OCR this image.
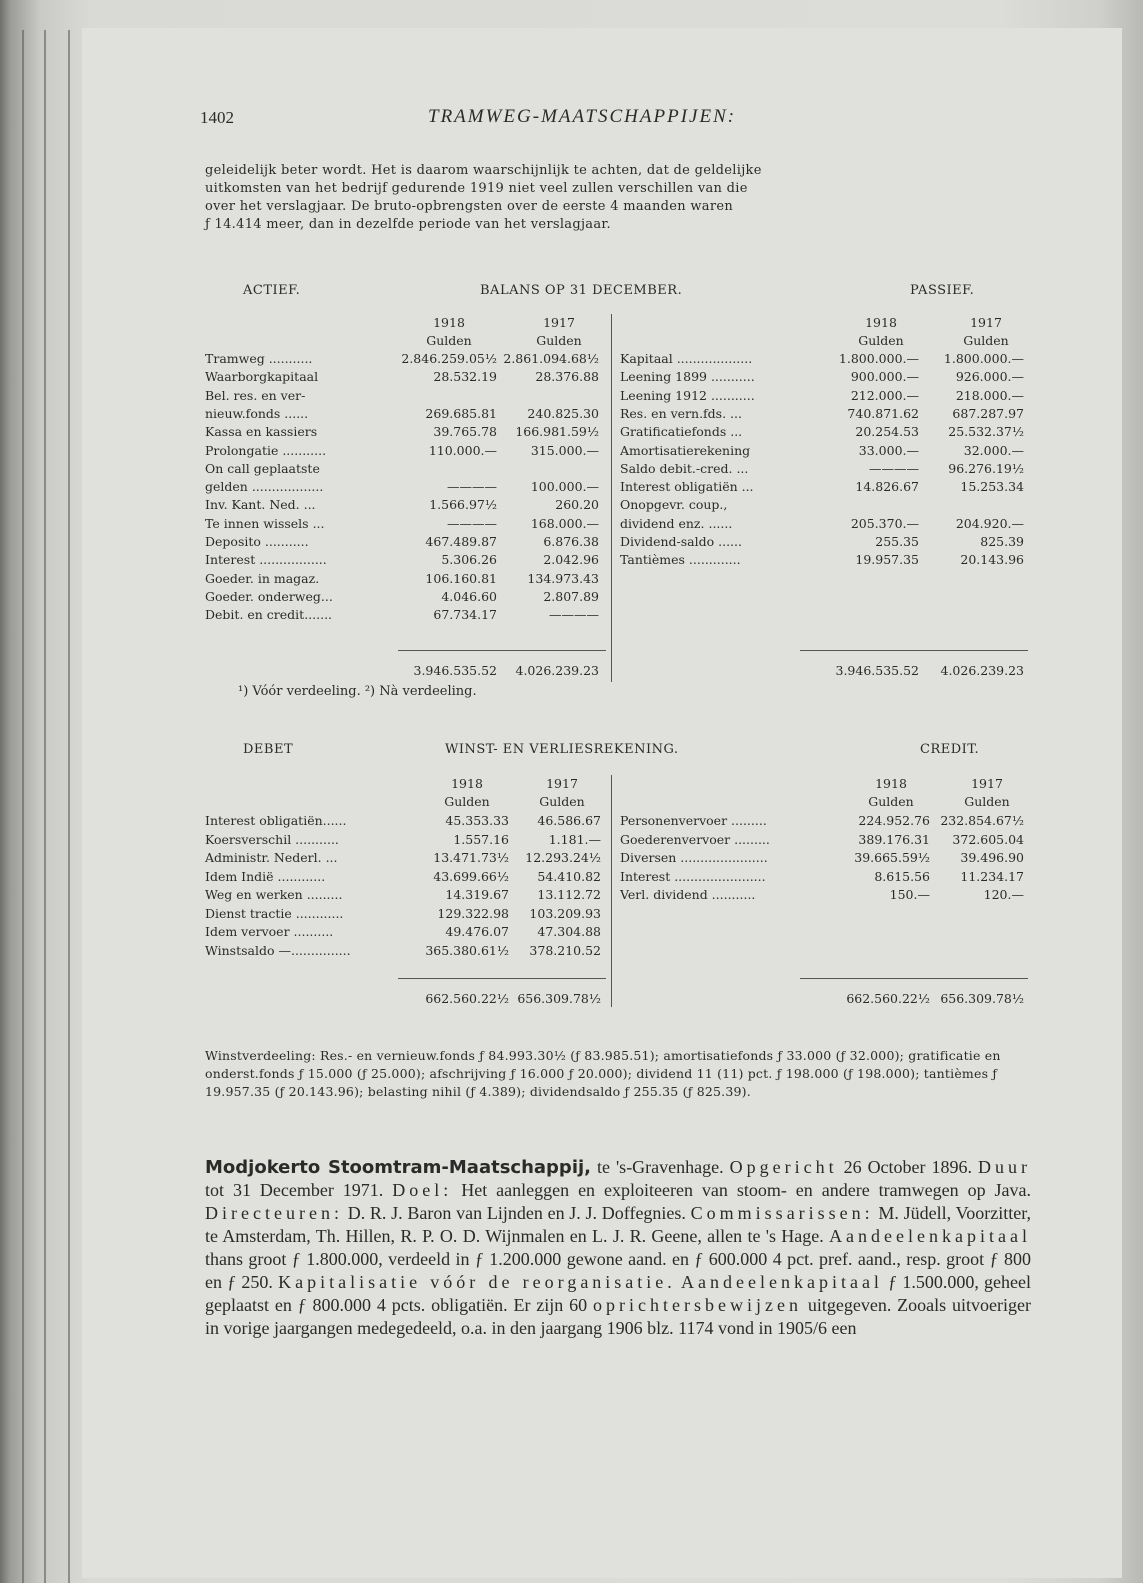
1402	TRAMWEG-MAATSCHAPPIJEN:

geleidelijk beter wordt. Het is daarom waarschijnlijk te achten, dat de geldelijke

uitkomsten van het bedrijf gedurende 1919 niet veel zullen verschillen van die

over het verslagjaar. De bruto-opbrengsten over de eerste 4 maanden waren

ƒ 14.414 meer, dan in dezelfde periode van het verslagjaar.

ACTIEF.	BALANS OP 31 DECEMBER.	PASSIEF.
1918	1917
Gulden	Gulden
1918	1917
Gulden	Gulden
Tramweg ...........	2.846.259.05½ 2.861.094.68½
Waarborgkapitaal	28.532.19	28.376.88
Bel. res. en ver-
nieuw.fonds ......	269.685.81 240.825.30
Kassa en kassiers	39.765.78 166.981.59½
Prolongatie ...........	110.000.—	315.000.—
On call geplaatste
gelden ..................	————	100.000.—
Inv. Kant. Ned. ...	1.566.97½	260.20
Te innen wissels ...	————	168.000.—
Deposito ...........	467.489.87	6.876.38
Interest .................	5.306.26	2.042.96
Goeder. in magaz.	106.160.81 134.973.43
Goeder. onderweg...	4.046.60	2.807.89
Debit. en credit.......	67.734.17	————
Kapitaal ...................	1.800.000.— 1.800.000.—
Leening 1899 ...........	900.000.—	926.000.—
Leening 1912 ...........	212.000.—	218.000.—
Res. en vern.fds. ...	740.871.62	687.287.97
Gratificatiefonds ...	20.254.53 25.532.37½
Amortisatierekening	33.000.—	32.000.—
Saldo debit.-cred. ...	———— 96.276.19½
Interest obligatiën ...	14.826.67	15.253.34
Onopgevr. coup.,
dividend enz. ......	205.370.—	204.920.—
Dividend-saldo ......	255.35	825.39
Tantièmes .............	19.957.35	20.143.96
3.946.535.52 4.026.239.23	3.946.535.52 4.026.239.23
¹) Vóór verdeeling. ²) Nà verdeeling.
DEBET	WINST- EN VERLIESREKENING.	CREDIT.
1918	1917
Gulden	Gulden
1918	1917
Gulden	Gulden
Interest obligatiën......	45.353.33 46.586.67
Koersverschil ...........	1.557.16	1.181.—
Administr. Nederl. ...	13.471.73½ 12.293.24½
Idem Indië ............	43.699.66½ 54.410.82
Weg en werken .........	14.319.67 13.112.72
Dienst tractie ............	129.322.98 103.209.93
Idem vervoer ..........	49.476.07 47.304.88
Winstsaldo —...............	365.380.61½ 378.210.52
Personenvervoer .........	224.952.76 232.854.67½
Goederenvervoer .........	389.176.31 372.605.04
Diversen ......................	39.665.59½ 39.496.90
Interest .......................	8.615.56 11.234.17
Verl. dividend ...........	150.—	120.—
662.560.22½ 656.309.78½	662.560.22½ 656.309.78½
Winstverdeeling: Res.- en vernieuw.fonds ƒ 84.993.30½ (ƒ 83.985.51); amortisatiefonds ƒ 33.000 (ƒ 32.000); gratificatie en onderst.fonds ƒ 15.000 (ƒ 25.000); afschrijving ƒ 16.000 ƒ 20.000); dividend 11 (11) pct. ƒ 198.000 (ƒ 198.000); tantièmes ƒ 19.957.35 (ƒ 20.143.96); belasting nihil (ƒ 4.389); dividendsaldo ƒ 255.35 (ƒ 825.39).
Modjokerto Stoomtram-Maatschappij, te 's-Gravenhage. Opgericht 26 October 1896. Duur tot 31 December 1971. Doel: Het aanleggen en exploiteeren van stoom- en andere tramwegen op Java. Directeuren: D. R. J. Baron van Lijnden en J. J. Doffegnies. Commissarissen: M. Jüdell, Voorzitter, te Amsterdam, Th. Hillen, R. P. O. D. Wijnmalen en L. J. R. Geene, allen te 's Hage. Aandeelenkapitaal thans groot ƒ 1.800.000, verdeeld in ƒ 1.200.000 gewone aand. en ƒ 600.000 4 pct. pref. aand., resp. groot ƒ 800 en ƒ 250. Kapitalisatie vóór de reorganisatie. Aandeelenkapitaal ƒ 1.500.000, geheel geplaatst en ƒ 800.000 4 pcts. obligatiën. Er zijn 60 oprichtersbewijzen uitgegeven. Zooals uitvoeriger in vorige jaargangen medegedeeld, o.a. in den jaargang 1906 blz. 1174 vond in 1905/6 een
